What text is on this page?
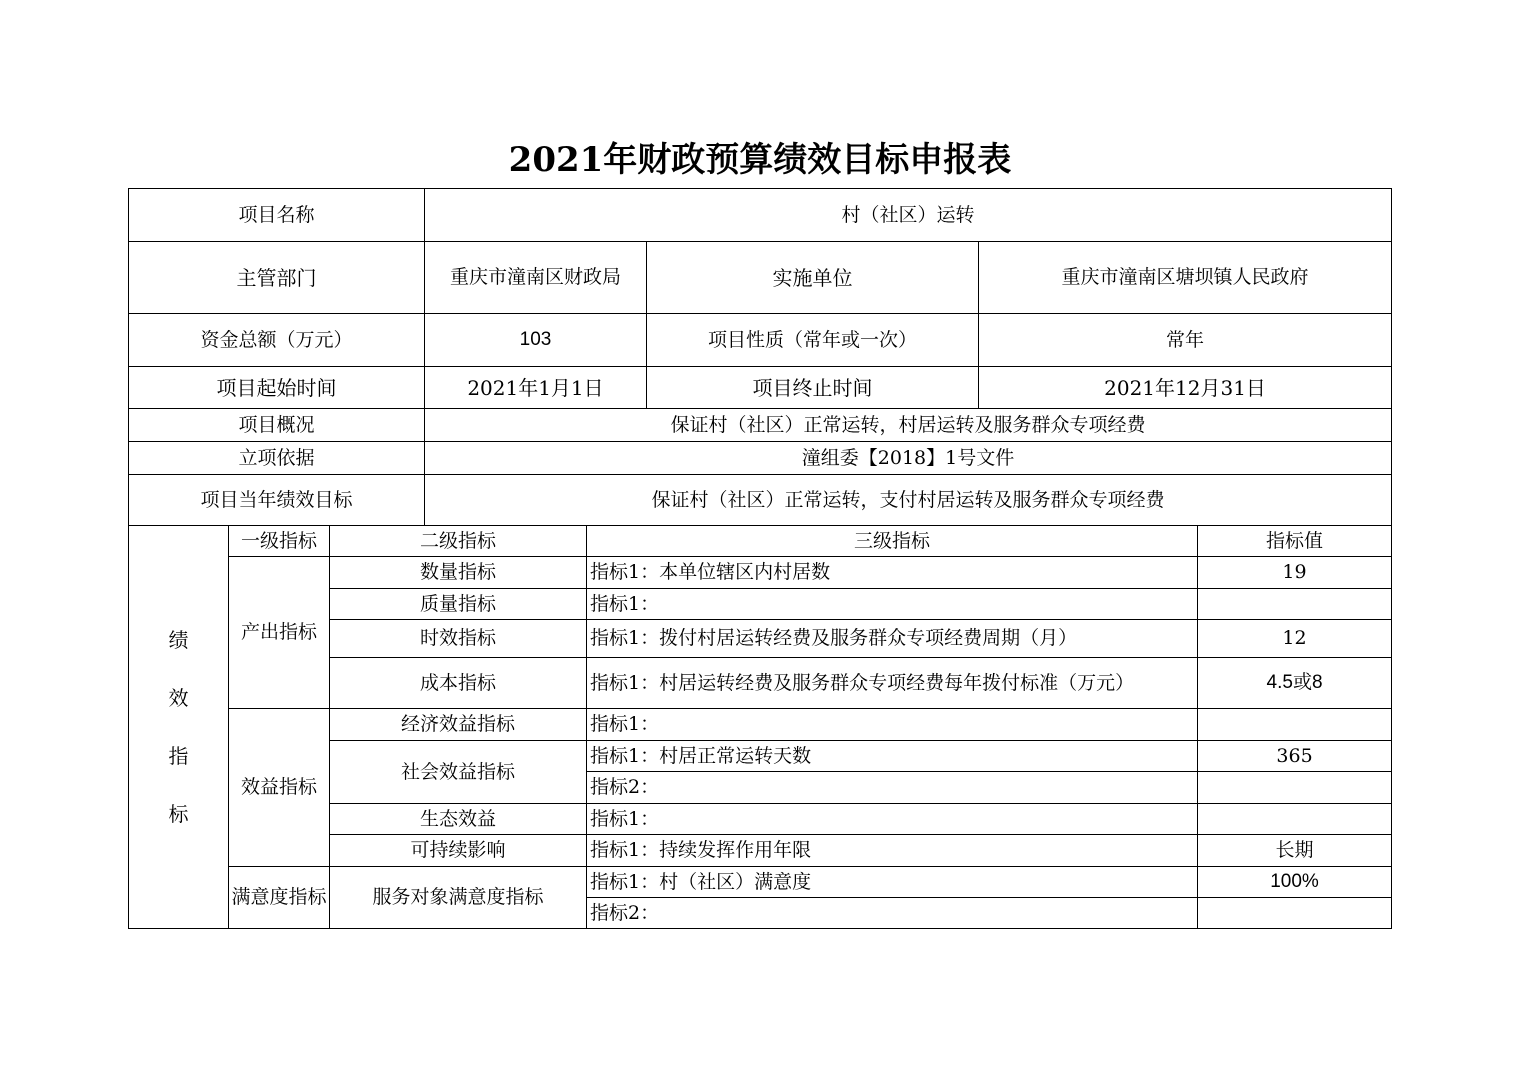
2021年财政预算绩效目标申报表
项目名称			村（社区）运转				
主管部门			重庆市潼南区财政局		实施单位	重庆市潼南区塘坝镇人民政府	
资金总额（万元）			103		项目性质（常年或一次）	常年	
项目起始时间			2021年1月1日		项目终止时间	2021年12月31日	
项目概况			保证村（社区）正常运转，村居运转及服务群众专项经费				
立项依据			潼组委【2018】1号文件				
项目当年绩效目标			保证村（社区）正常运转，支付村居运转及服务群众专项经费				

绩
效
指
标	一级指标	二级指标		三级指标			指标值
	产出指标	数量指标		指标1：本单位辖区内村居数			19
		质量指标		指标1：			
		时效指标		指标1：拨付村居运转经费及服务群众专项经费周期（月）			12
		成本指标		指标1：村居运转经费及服务群众专项经费每年拨付标准（万元）			4.5或8
	效益指标	经济效益指标		指标1：			
		社会效益指标		指标1：村居正常运转天数			365
				指标2：			
		生态效益		指标1：			
		可持续影响		指标1：持续发挥作用年限			长期
	满意度指标	服务对象满意度指标		指标1：村（社区）满意度			100%
				指标2：			
